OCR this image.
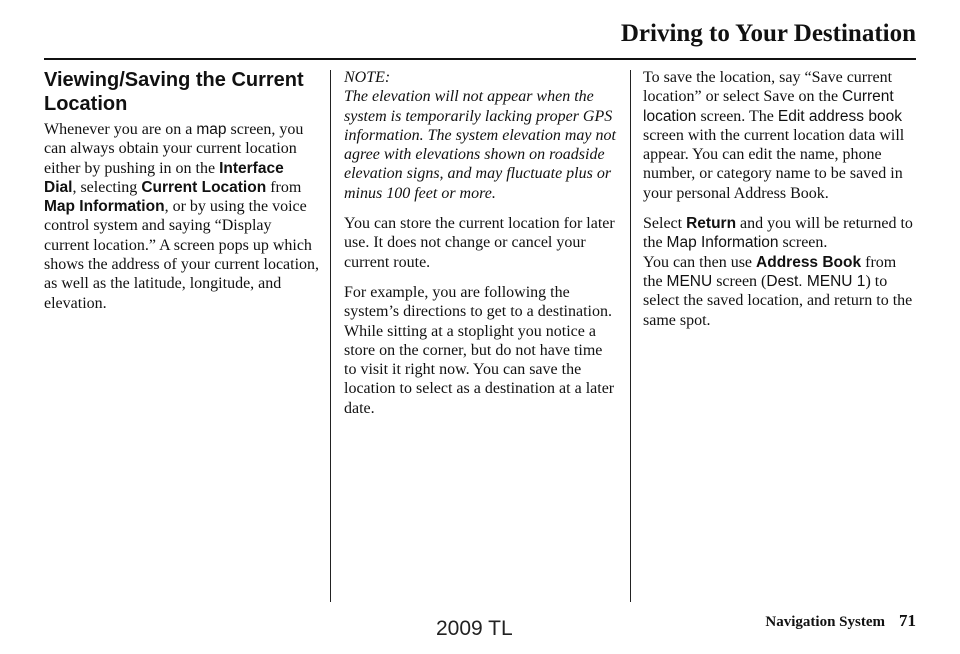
Driving to Your Destination
Viewing/Saving the Current Location

Whenever you are on a map screen, you can always obtain your current location either by pushing in on the Interface Dial, selecting Current Location from Map Information, or by using the voice control system and saying “Display current location.” A screen pops up which shows the address of your current location, as well as the latitude, longitude, and elevation.

NOTE:
The elevation will not appear when the system is temporarily lacking proper GPS information. The system elevation may not agree with elevations shown on roadside elevation signs, and may fluctuate plus or minus 100 feet or more.

You can store the current location for later use. It does not change or cancel your current route.

For example, you are following the system’s directions to get to a destination. While sitting at a stoplight you notice a store on the corner, but do not have time to visit it right now. You can save the location to select as a destination at a later date.

To save the location, say “Save current location” or select Save on the Current location screen. The Edit address book screen with the current location data will appear. You can edit the name, phone number, or category name to be saved in your personal Address Book.

Select Return and you will be returned to the Map Information screen.

You can then use Address Book from the MENU screen (Dest. MENU 1) to select the saved location, and return to the same spot.

Navigation System 71
2009 TL
